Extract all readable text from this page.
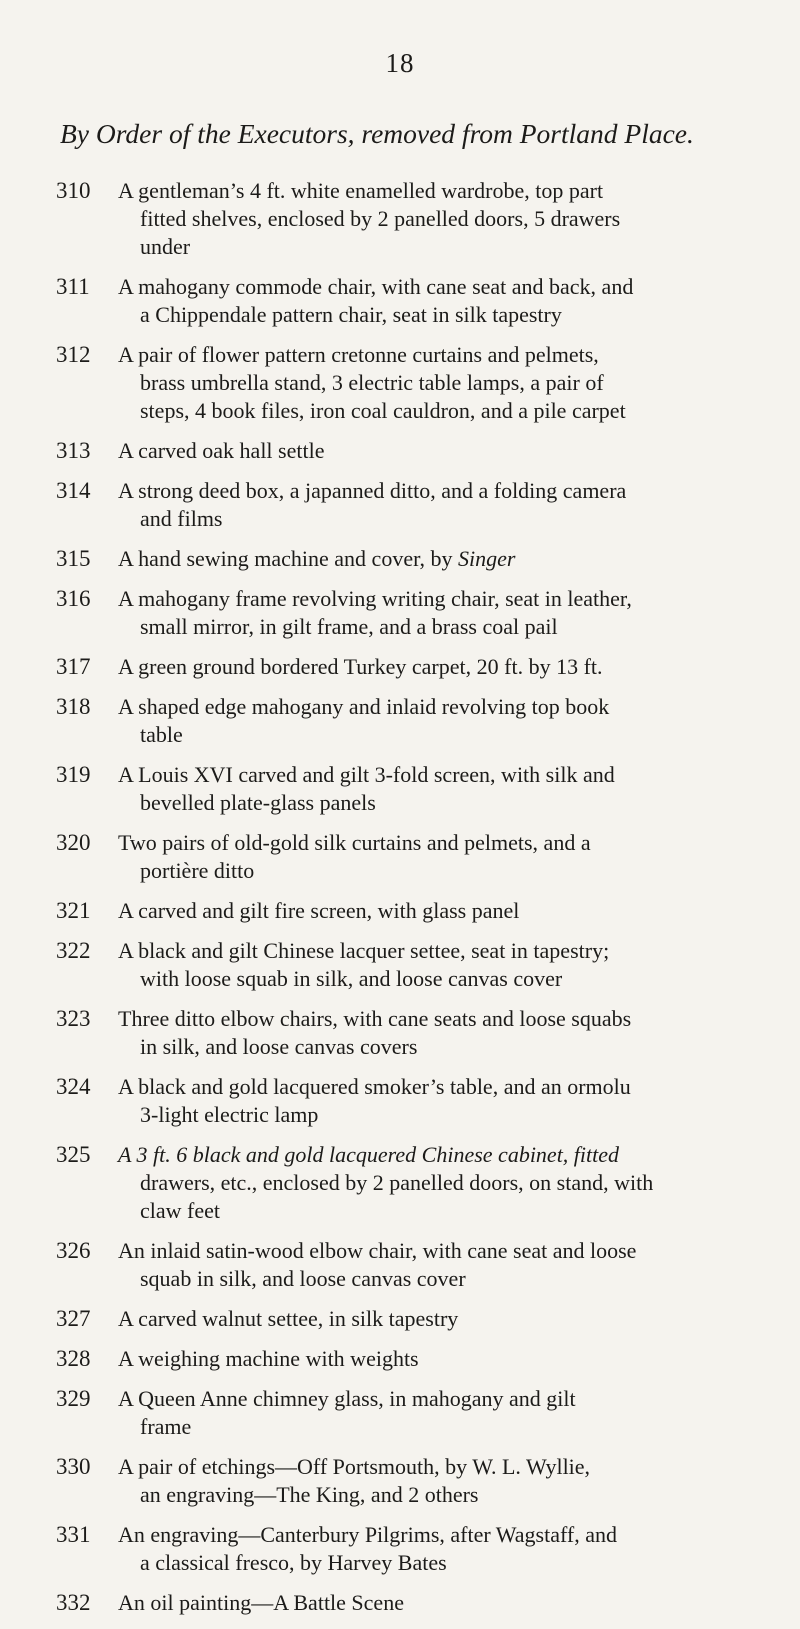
18
By Order of the Executors, removed from Portland Place.
310	A gentleman’s 4 ft. white enamelled wardrobe, top part
fitted shelves, enclosed by 2 panelled doors, 5 drawers
under
311	A mahogany commode chair, with cane seat and back, and
a Chippendale pattern chair, seat in silk tapestry
312	A pair of flower pattern cretonne curtains and pelmets,
brass umbrella stand, 3 electric table lamps, a pair of
steps, 4 book files, iron coal cauldron, and a pile carpet
313	A carved oak hall settle
314	A strong deed box, a japanned ditto, and a folding camera
and films
315	A hand sewing machine and cover, by Singer
316	A mahogany frame revolving writing chair, seat in leather,
small mirror, in gilt frame, and a brass coal pail
317	A green ground bordered Turkey carpet, 20 ft. by 13 ft.
318	A shaped edge mahogany and inlaid revolving top book
table
319	A Louis XVI carved and gilt 3-fold screen, with silk and
bevelled plate-glass panels
320	Two pairs of old-gold silk curtains and pelmets, and a
portière ditto
321	A carved and gilt fire screen, with glass panel
322	A black and gilt Chinese lacquer settee, seat in tapestry;
with loose squab in silk, and loose canvas cover
323	Three ditto elbow chairs, with cane seats and loose squabs
in silk, and loose canvas covers
324	A black and gold lacquered smoker’s table, and an ormolu
3-light electric lamp
325	A 3 ft. 6 black and gold lacquered Chinese cabinet, fitted
drawers, etc., enclosed by 2 panelled doors, on stand, with
claw feet
326	An inlaid satin-wood elbow chair, with cane seat and loose
squab in silk, and loose canvas cover
327	A carved walnut settee, in silk tapestry
328	A weighing machine with weights
329	A Queen Anne chimney glass, in mahogany and gilt
frame
330	A pair of etchings—Off Portsmouth, by W. L. Wyllie,
an engraving—The King, and 2 others
331	An engraving—Canterbury Pilgrims, after Wagstaff, and
a classical fresco, by Harvey Bates
332	An oil painting—A Battle Scene
